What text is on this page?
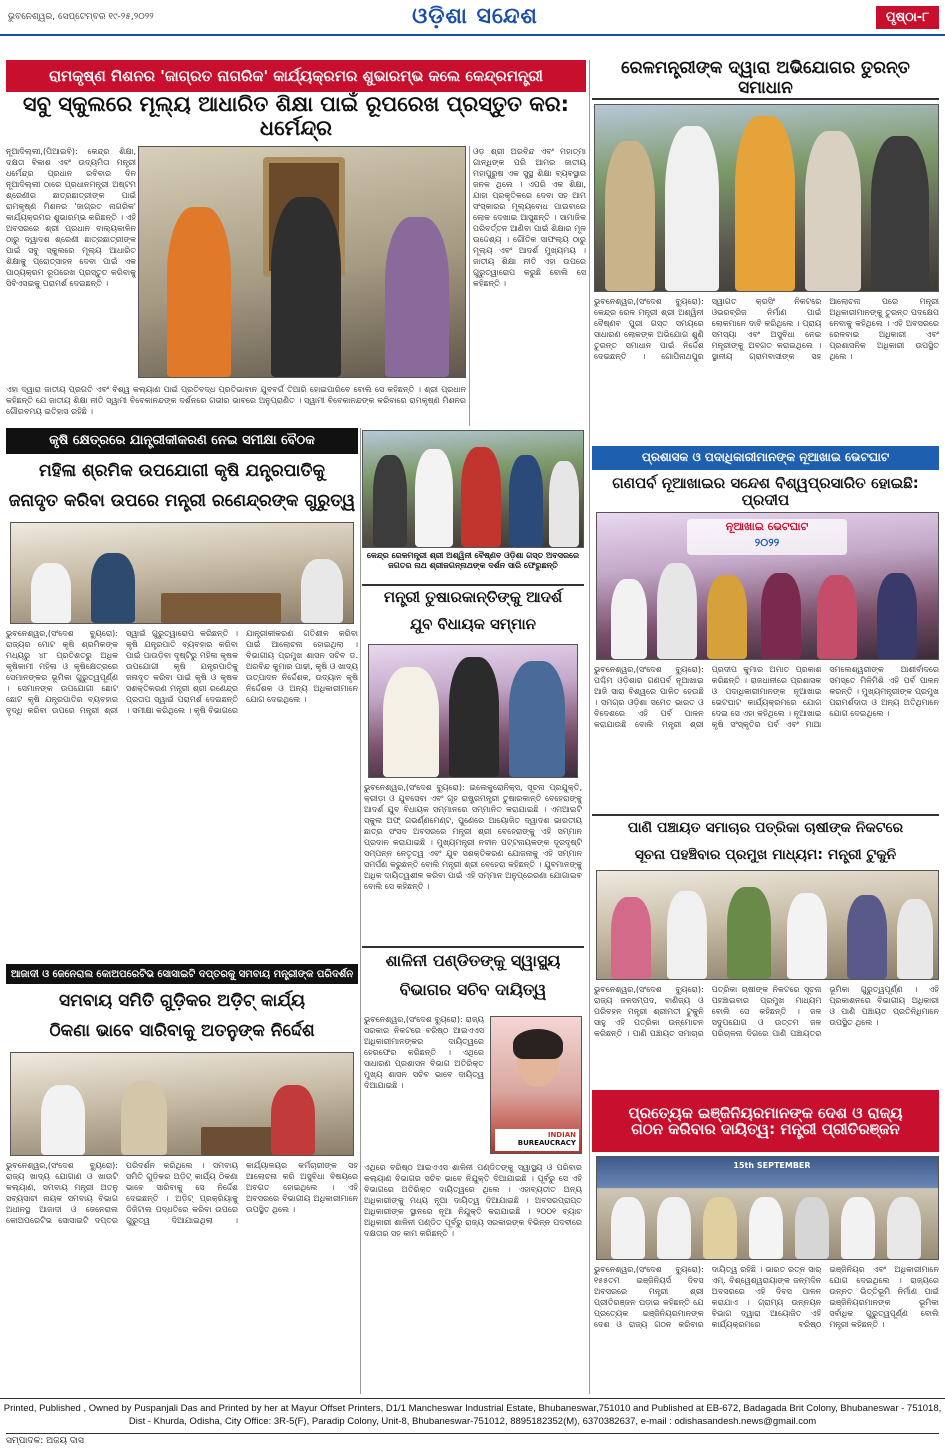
ଭୁବନେଶ୍ୱର, ସେପ୍ଟେମ୍ବର ୧୯-୨୫,୨୦୨୨	ଓଡ଼ିଶା ସନ୍ଦେଶ	ପୃଷ୍ଠା-୮
ରାମକୃଷ୍ଣ ମିଶନର 'ଜାଗ୍ରତ ନାଗରିକ' କାର୍ଯ୍ୟକ୍ରମର ଶୁଭାରମ୍ଭ କଲେ କେନ୍ଦ୍ରମନ୍ତ୍ରୀ
ସବୁ ସ୍କୁଲରେ ମୂଲ୍ୟ ଆଧାରିତ ଶିକ୍ଷା ପାଇଁ ରୂପରେଖ ପ୍ରସ୍ତୁତ କର: ଧର୍ମେନ୍ଦ୍ର
ନୂଆଦିଲ୍ଲୀ,(ପିଆଇବି): କେନ୍ଦ୍ର ଶିକ୍ଷା, ଦକ୍ଷତା ବିକାଶ ଏବଂ ଉଦ୍ୟମିତା ମନ୍ତ୍ରୀ ଧର୍ମେନ୍ଦ୍ର ପ୍ରଧାନ ରବିବାର ଦିନ ନୂଆଦିଲ୍ଲୀ ଠାରେ ପ୍ରଧାନମନ୍ତ୍ରୀ ଅଷ୍ଟମ ଶ୍ରେଣୀର ଛାତ୍ରଛାତ୍ରୀଙ୍କ ପାଇଁ ରାମକୃଷ୍ଣ ମିଶନର 'ଜାଗ୍ରତ ନାଗରିକ' କାର୍ଯ୍ୟକ୍ରମର ଶୁଭାରମ୍ଭ କରିଛନ୍ତି । ଏହି ଅବସରରେ ଶ୍ରୀ ପ୍ରଧାନ ବାଲ୍ୟକାଳିନ ଠାରୁ ଦ୍ୱାଦଶ ଶ୍ରେଣୀ ଛାତ୍ରଛାତ୍ରୀଙ୍କ ପାଇଁ ସବୁ ସ୍କୁଲରେ ମୂଲ୍ୟ ଆଧାରିତ ଶିକ୍ଷାକୁ ପ୍ରୋତ୍ସାହନ ଦେବା ପାଇଁ ଏକ ପାଠ୍ୟକ୍ରମ ରୂପରେଖ ପ୍ରସ୍ତୁତ କରିବାକୁ ସିବିଏସଇକୁ ପରାମର୍ଶ ଦେଇଛନ୍ତି ।
ଏହା ଦ୍ୱାରା ଜାତୀୟ ପ୍ରଗତି ଏବଂ ବିଶ୍ୱ କଲ୍ୟାଣ ପାଇଁ ପ୍ରତିବଦ୍ଧ ପ୍ରତିଭାବାନ ଯୁବବର୍ଗ ତିଆରି ହୋଇପାରିବେ ବୋଲି ସେ କହିଛନ୍ତି । ଶ୍ରୀ ପ୍ରଧାନ କହିଛନ୍ତି ଯେ ଜାତୀୟ ଶିକ୍ଷା ନୀତି ସ୍ୱାମୀ ବିବେକାନନ୍ଦଙ୍କ ଦର୍ଶନରେ ଗଭୀର ଭାବରେ ଅନୁପ୍ରାଣିତ । ସ୍ୱାମୀ ବିବେକାନନ୍ଦଙ୍କ କରିବାରେ ରାମକୃଷ୍ଣ ମିଶନର ଗୌରବମୟ ଇତିହାସ ରହିଛି ।
ଓଡ଼ ଶ୍ରୀ ଅରବିନ୍ଦ ଏବଂ ମହାତ୍ମା ଗାନ୍ଧିଙ୍କ ପରି ଆମର ଜାତୀୟ ମହାପୁରୁଷ ଏକ ସୁସ୍ଥ ଶିକ୍ଷା ବ୍ୟବସ୍ଥାର ଜନକ ଥିଲେ । ଏପରି ଏକ ଶିକ୍ଷା, ଯାହା ପ୍ରକୃତିକରେ ଦେବା ସହ ଆମ ସଂସ୍କାରର ମୂଲ୍ୟବୋଧ ପାଇବାରେ ଲୋକ ଦେଖାଇ ଆସୁଛନ୍ତି । ସାମାଜିକ ପରିବର୍ତ୍ତନ ଆଣିବା ପାଇଁ ଶିକ୍ଷାର ମୂଳ ଉଦ୍ଦେଶ୍ୟ । ଗୌତିକ ସାଫଲ୍ୟ ଠାରୁ ମୂଲ୍ୟ ଏବଂ ଆଦର୍ଶ ମୁଖ୍ୟମୟ । ଜାତୀୟ ଶିକ୍ଷା ନୀତି ଏହା ଉପରେ ଗୁରୁତ୍ୱାରୋପ କରୁଛି ବୋଲି ସେ କହିଛନ୍ତି ।
ରେଳମନ୍ତ୍ରୀଙ୍କ ଦ୍ୱାରା ଅଭିଯୋଗର ତୁରନ୍ତ ସମାଧାନ
ଭୁବନେଶ୍ୱର,(ସଂଦେଶ ବ୍ୟୁରୋ): କେନ୍ଦ୍ର ରେଳ ମନ୍ତ୍ରୀ ଶ୍ରୀ ଅଶ୍ୱିନୀ ବୈଷ୍ଣବ ପୁରୀ ଗସ୍ତ ସମୟରେ ସାଧାରଣ ଲୋକଙ୍କ ଅଭିଯୋଗ ଶୁଣି ତୁରନ୍ତ ସମାଧାନ ପାଇଁ ନିର୍ଦ୍ଦେଶ ଦେଇଛନ୍ତି । ଗୋପିନାଥପୁର ସ୍ୱାଗତ କ୍ରସିଂ ନିକଟରେ ଓଭରବ୍ରିଜ ନିର୍ମାଣ ପାଇଁ ଲୋକମାନେ ଦାବି କରିଥିଲେ । ପ୍ରାୟ ସମସ୍ୟା ଏବଂ ଅସୁବିଧା ନେଇ ମନ୍ତ୍ରୀଙ୍କୁ ଅବଗତ କରାଇଥିଲେ । ସ୍ଥାନୀୟ ଗ୍ରାମବାସୀଙ୍କ ସହ ଆଲୋଚନା ପରେ ମନ୍ତ୍ରୀ ଅଧିକାରୀମାନଙ୍କୁ ତୁରନ୍ତ ପଦକ୍ଷେପ ନେବାକୁ କହିଥିଲେ । ଏହି ଅବସରରେ ରେଳବାଇ ଅଧିକାରୀ ଏବଂ ପ୍ରଶାସନିକ ଅଧିକାରୀ ଉପସ୍ଥିତ ଥିଲେ ।
କୃଷି କ୍ଷେତ୍ରରେ ଯାନ୍ତ୍ରୀକୀକରଣ ନେଇ ସମୀକ୍ଷା ବୈଠକ
ମହିଳା ଶ୍ରମିକ ଉପଯୋଗୀ କୃଷି ଯନ୍ତ୍ରପାତିକୁ
ଜନାଦୃତ କରିବା ଉପରେ ମନ୍ତ୍ରୀ ରଣେନ୍ଦ୍ରଙ୍କ ଗୁରୁତ୍ୱ
ଭୁବନେଶ୍ୱର,(ସଂଦେଶ ବ୍ୟୁରୋ): ରାଜ୍ୟର ମୋଟ କୃଷି ଶ୍ରମିକଙ୍କ ମଧ୍ୟରୁ ୪୮ ପ୍ରତିଶତରୁ ଅଧିକ କୃଷିକାମୀ ମହିଳା ଓ କୃଷିକ୍ଷେତ୍ରରେ ସେମାନଙ୍କର ଭୂମିକା ଗୁରୁତ୍ୱପୂର୍ଣ୍ଣ । ସେମାନଙ୍କ ଉପଯୋଗୀ ଛୋଟ ଛୋଟ କୃଷି ଯନ୍ତ୍ରପାତିର ବ୍ୟବହାର ବୃଦ୍ଧି କରିବା ଉପରେ ମନ୍ତ୍ରୀ ଶ୍ରୀ ସ୍ୱାଇଁ ଗୁରୁତ୍ୱାରୋପ କରିଛନ୍ତି । କୃଷି ଯନ୍ତ୍ରପାତି ବ୍ୟବହାର କରିବା ପାଇଁ ପାଉଡ଼ିବା ଦୃଷ୍ଟିରୁ ମହିଳା କୃଷକ ଉପଯୋଗୀ କୃଷି ଯନ୍ତ୍ରପାତିକୁ ଜନାଦୃତ କରିବା ପାଇଁ କୃଷି ଓ କୃଷକ ସଶକ୍ତିକରଣ ମନ୍ତ୍ରୀ ଶ୍ରୀ ରଣେନ୍ଦ୍ର ପ୍ରତାପ ସ୍ୱାଇଁ ପରାମର୍ଶ ଦେଇଛନ୍ତି । ସମୀକ୍ଷା କରିଥିଲେ । କୃଷି ବିଭାଗରେ ଯାନ୍ତ୍ରୀକୀକରଣ ଗତିଶୀଳ କରିବା ପାଇଁ ଆଲୋଚନା ହୋଇଥିଲା । ବିଭାଗୀୟ ପ୍ରମୁଖ ଶାସନ ସଚିବ ଡ. ଅରବିନ୍ଦ କୁମାର ପାଢୀ, କୃଷି ଓ ଖାଦ୍ୟ ଉତ୍ପାଦନ ନିର୍ଦ୍ଦେଶକ, ଉଦ୍ୟାନ କୃଷି ନିର୍ଦ୍ଦେଶକ ଓ ଅନ୍ୟ ଅଧିକାରୀମାନେ ଯୋଗ ଦେଇଥିଲେ ।
କେନ୍ଦ୍ର ରେଳମନ୍ତ୍ରୀ ଶ୍ରୀ ଅଶ୍ୱିନୀ ବୈଷ୍ଣବ ଓଡ଼ିଶା ଗସ୍ତ ଅବସରରେ ଜଗତର ନାଥ ଶ୍ରୀଜଗନ୍ନାଥଙ୍କ ଦର୍ଶନ ସାରି ଫେରୁଛନ୍ତି
ମନ୍ତ୍ରୀ ତୁଷାରକାନ୍ତିଙ୍କୁ ଆଦର୍ଶ
ଯୁବ ବିଧାୟକ ସମ୍ମାନ
ଭୁବନେଶ୍ୱର,(ସଂଦେଶ ବ୍ୟୁରୋ): ଇଲେକ୍ଟ୍ରୋନିକ୍ସ, ସୂଚନା ପ୍ରଯୁକ୍ତି, କ୍ରୀଡ଼ା ଓ ଯୁବସେବା ଏବଂ ଗୃହ ରାଷ୍ଟ୍ରମନ୍ତ୍ରୀ ତୁଷାରକାନ୍ତି ବେହେରାଙ୍କୁ ଆଦର୍ଶ ଯୁବ ବିଧାୟକ ସମ୍ମାନରେ ସମ୍ମାନିତ କରାଯାଇଛି । ଏମଆଇଟି ସ୍କୁଲ ଅଫ୍ ଗଭର୍ଣ୍ଣମେଣ୍ଟ, ପୁଣେରେ ଆୟୋଜିତ ଦ୍ୱାଦଶ ଭାରତୀୟ ଛାତ୍ର ସଂସଦ ଅବସରରେ ମନ୍ତ୍ରୀ ଶ୍ରୀ ବେହେରାଙ୍କୁ ଏହି ସମ୍ମାନ ପ୍ରଦାନ କରାଯାଇଛି । ମୁଖ୍ୟମନ୍ତ୍ରୀ ନବୀନ ପଟ୍ଟନାୟକଙ୍କ ଦୂରଦୃଷ୍ଟି ସମ୍ପନ୍ନ ନେତୃତ୍ୱ ଏବଂ ଯୁବ ସଶକ୍ତିକରଣ ଯୋଜନାକୁ ଏହି ସମ୍ମାନ ସମର୍ପଣ କରୁଛନ୍ତି ବୋଲି ମନ୍ତ୍ରୀ ଶ୍ରୀ ବେହେରା କହିଛନ୍ତି । ଯୁବମାନଙ୍କୁ ଅଧିକ ଦାୟିତ୍ୱଶୀଳ କରିବା ପାଇଁ ଏହି ସମ୍ମାନ ଅନୁପ୍ରେରଣା ଯୋଗାଇବ ବୋଲି ସେ କହିଛନ୍ତି ।
ଆଜାଦୀ ଓ ଜେନେରାଲ କୋଅପରେଟିଭ ସୋସାଇଟି ଦପ୍ତରକୁ ସମବାୟ ମନ୍ତ୍ରୀଙ୍କ ପରିଦର୍ଶନ
ସମବାୟ ସମିତି ଗୁଡ଼ିକର ଅଡ଼ିଟ୍ କାର୍ଯ୍ୟ
ଠିକଣା ଭାବେ ସାରିବାକୁ ଅତନୁଙ୍କ ନିର୍ଦ୍ଦେଶ
ଭୁବନେଶ୍ୱର,(ସଂଦେଶ ବ୍ୟୁରୋ): ରାଜ୍ୟ ଖାଦ୍ୟ ଯୋଗାଣ ଓ ଖାଉଟି କଲ୍ୟାଣ, ସମବାୟ ମନ୍ତ୍ରୀ ଅତନୁ ସବ୍ୟସାଚୀ ନାୟକ ସମବାୟ ବିଭାଗ ଅଧୀନସ୍ଥ ଆଜାଦୀ ଓ ଜେନେରାଲ କୋଅପରେଟିଭ ସୋସାଇଟି ଦପ୍ତର ପରିଦର୍ଶନ କରିଥିଲେ । ସମବାୟ ସମିତି ଗୁଡ଼ିକର ଅଡ଼ିଟ୍ କାର୍ଯ୍ୟ ଠିକଣା ଭାବେ ସାରିବାକୁ ସେ ନିର୍ଦ୍ଦେଶ ଦେଇଛନ୍ତି । ଅଡ଼ିଟ୍ ପ୍ରକ୍ରିୟାକୁ ଡିଜିଟାଲ ପଦ୍ଧତିରେ କରିବା ଉପରେ ଗୁରୁତ୍ୱ ଦିଆଯାଇଥିଲା । କାର୍ଯ୍ୟାଳୟର କର୍ମଚାରୀଙ୍କ ସହ ଆଲୋଚନା କରି ଅସୁବିଧା ବିଷୟରେ ଅବଗତ ହୋଇଥିଲେ । ଏହି ଅବସରରେ ବିଭାଗୀୟ ଅଧିକାରୀମାନେ ଉପସ୍ଥିତ ଥିଲେ ।
ଶାଳିନୀ ପଣ୍ଡିତଙ୍କୁ ସ୍ୱାସ୍ଥ୍ୟ
ବିଭାଗର ସଚିବ ଦାୟିତ୍ୱ
ଭୁବନେଶ୍ୱର,(ସଂଦେଶ ବ୍ୟୁରୋ): ରାଜ୍ୟ ସରକାର ନିକଟରେ ବରିଷ୍ଠ ଆଇଏଏସ ଅଧିକାରୀମାନଙ୍କର ଦାୟିତ୍ୱରେ ହେରଫେର କରିଛନ୍ତି । ଏଥିରେ ସାଧାରଣ ପ୍ରଶାସନ ବିଭାଗ ଅତିରିକ୍ତ ମୁଖ୍ୟ ଶାସନ ସଚିବ ଭାବେ ଦାୟିତ୍ୱ ଦିଆଯାଇଛି ।
INDIAN
BUREAUCRACY
ଏଥିରେ ବରିଷ୍ଠ ଆଇଏଏସ ଶାଳିନୀ ପଣ୍ଡିତଙ୍କୁ ସ୍ୱାସ୍ଥ୍ୟ ଓ ପରିବାର କଲ୍ୟାଣ ବିଭାଗର ସଚିବ ଭାବେ ନିଯୁକ୍ତି ଦିଆଯାଇଛି । ପୂର୍ବରୁ ସେ ଏହି ବିଭାଗରେ ଅତିରିକ୍ତ ଦାୟିତ୍ୱରେ ଥିଲେ । ଏହାବ୍ୟତୀତ ଅନ୍ୟ ଅଧିକାରୀଙ୍କୁ ମଧ୍ୟ ନୂଆ ଦାୟିତ୍ୱ ଦିଆଯାଇଛି । ଅବସରପ୍ରାପ୍ତ ଅଧିକାରୀଙ୍କ ସ୍ଥାନରେ ନୂଆ ନିଯୁକ୍ତି କରାଯାଇଛି । ୨୦୦୧ ବ୍ୟାଚ ଅଧିକାରୀ ଶାଳିନୀ ପଣ୍ଡିତ ପୂର୍ବରୁ ରାଜ୍ୟ ସରକାରଙ୍କ ବିଭିନ୍ନ ପଦବୀରେ ଦକ୍ଷତାର ସହ କାମ କରିଛନ୍ତି ।
ପ୍ରଶାସକ ଓ ପଦାଧିକାରୀମାନଙ୍କ ନୂଆଖାଇ ଭେଟଘାଟ
ଗଣପର୍ବ ନୂଆଖାଇର ସନ୍ଦେଶ ବିଶ୍ୱପ୍ରସାରିତ ହୋଇଛି: ପ୍ରଦୀପ
ନୂଆଖାଇ ଭେଟଘାଟ
୨୦୨୨
ଭୁବନେଶ୍ୱର,(ସଂଦେଶ ବ୍ୟୁରୋ): ପଶ୍ଚିମ ଓଡ଼ିଶାର ଗଣପର୍ବ ନୂଆଖାଇ ଆଜି ସାରା ବିଶ୍ୱରେ ପାଳିତ ହେଉଛି । ସମଗ୍ର ଓଡ଼ିଶା ସମେତ ଭାରତ ଓ ବିଦେଶରେ ଏହି ପର୍ବ ପାଳନ କରାଯାଉଛି ବୋଲି ମନ୍ତ୍ରୀ ଶ୍ରୀ ପ୍ରଦୀପ କୁମାର ଅମାତ ପ୍ରକାଶ କରିଛନ୍ତି । ରାଜଧାନୀରେ ପ୍ରଶାସକ ଓ ପଦାଧିକାରୀମାନଙ୍କ ନୂଆଖାଇ ଭେଟଘାଟ କାର୍ଯ୍ୟକ୍ରମରେ ଯୋଗ ଦେଇ ସେ ଏହା କହିଥିଲେ । ନୂଆଖାଇ କୃଷି ସଂସ୍କୃତିର ପର୍ବ ଏବଂ ମାଆ ସମଲେଶ୍ୱରୀଙ୍କ ଆଶୀର୍ବାଦରେ ସମସ୍ତେ ମିଳିମିଶି ଏହି ପର୍ବ ପାଳନ କରନ୍ତି । ମୁଖ୍ୟମନ୍ତ୍ରୀଙ୍କ ପ୍ରମୁଖ ପରାମର୍ଶଦାତା ଓ ଅନ୍ୟ ଅତିଥିମାନେ ଯୋଗ ଦେଇଥିଲେ ।
ପାଣି ପଞ୍ଚାୟତ ସମାଚାର ପତ୍ରିକା ଚାଷୀଙ୍କ ନିକଟରେ
ସୂଚନା ପହଞ୍ଚିବାର ପ୍ରମୁଖ ମାଧ୍ୟମ: ମନ୍ତ୍ରୀ ଟୁକୁନି
ଭୁବନେଶ୍ୱର,(ସଂଦେଶ ବ୍ୟୁରୋ): ରାଜ୍ୟ ଜଳସମ୍ପଦ, ବାଣିଜ୍ୟ ଓ ପରିବହନ ମନ୍ତ୍ରୀ ଶ୍ରୀମତୀ ଟୁକୁନି ସାହୁ ଏହି ପତ୍ରିକା ଉନ୍ମୋଚନ କରିଛନ୍ତି । ପାଣି ପଞ୍ଚାୟତ ସମାଚାର ପତ୍ରିକା ଚାଷୀଙ୍କ ନିକଟରେ ସୂଚନା ପହଞ୍ଚାଇବାର ପ୍ରମୁଖ ମାଧ୍ୟମ ବୋଲି ସେ କହିଛନ୍ତି । ଜଳ ସଦୁପଯୋଗ ଓ ଉତ୍ତମ ଜଳ ପରିଚାଳନା ଦିଗରେ ପାଣି ପଞ୍ଚାୟତର ଭୂମିକା ଗୁରୁତ୍ୱପୂର୍ଣ୍ଣ । ଏହି ପ୍ରକାଶନରେ ବିଭାଗୀୟ ଅଧିକାରୀ ଓ ପାଣି ପଞ୍ଚାୟତ ପ୍ରତିନିଧିମାନେ ଉପସ୍ଥିତ ଥିଲେ ।
ପ୍ରତ୍ୟେକ ଇଞ୍ଜିନିୟରମାନଙ୍କ ଦେଶ ଓ ରାଜ୍ୟ
ଗଠନ କରିବାର ଦାୟିତ୍ୱ: ମନ୍ତ୍ରୀ ପ୍ରୀତିରଞ୍ଜନ
15th SEPTEMBER
ଭୁବନେଶ୍ୱର,(ସଂଦେଶ ବ୍ୟୁରୋ): ୧୫୫ତମ ଇଞ୍ଜିନିୟର୍ସ ଦିବସ ଅବସରରେ ମନ୍ତ୍ରୀ ଶ୍ରୀ ପ୍ରୀତିରଞ୍ଜନ ଘଡ଼ାଇ କହିଛନ୍ତି ଯେ ପ୍ରତ୍ୟେକ ଇଞ୍ଜିନିୟରମାନଙ୍କ ଦେଶ ଓ ରାଜ୍ୟ ଗଠନ କରିବାର ଦାୟିତ୍ୱ ରହିଛି । ଭାରତ ରତ୍ନ ସାର୍ ଏମ୍. ବିଶ୍ୱେଶ୍ୱରାୟାଙ୍କ ଜନ୍ମଦିନ ଅବସରରେ ଏହି ଦିବସ ପାଳନ କରାଯାଏ । ଗ୍ରାମ୍ୟ ଉନ୍ନୟନ ବିଭାଗ ଦ୍ୱାରା ଆୟୋଜିତ ଏହି କାର୍ଯ୍ୟକ୍ରମରେ ବରିଷ୍ଠ ଇଞ୍ଜିନିୟର ଏବଂ ଅଧିକାରୀମାନେ ଯୋଗ ଦେଇଥିଲେ । ରାଜ୍ୟରେ ଉନ୍ନତ ଭିତ୍ତିଭୂମି ନିର୍ମାଣ ପାଇଁ ଇଞ୍ଜିନିୟରମାନଙ୍କ ଭୂମିକା ସର୍ବାଧିକ ଗୁରୁତ୍ୱପୂର୍ଣ୍ଣ ବୋଲି ମନ୍ତ୍ରୀ କହିଛନ୍ତି ।
Printed, Published , Owned by Puspanjali Das and Printed by her at Mayur Offset Printers, D1/1 Mancheswar Industrial Estate, Bhubaneswar,751010 and Published at EB-672, Badagada Brit Colony, Bhubaneswar - 751018,
Dist - Khurda, Odisha, City Office: 3R-5(F), Paradip Colony, Unit-8, Bhubaneswar-751012, 8895182352(M), 6370382637, e-mail : odishasandesh.news@gmail.com
ସମ୍ପାଦକ: ଅଜୟ ଦାସ
